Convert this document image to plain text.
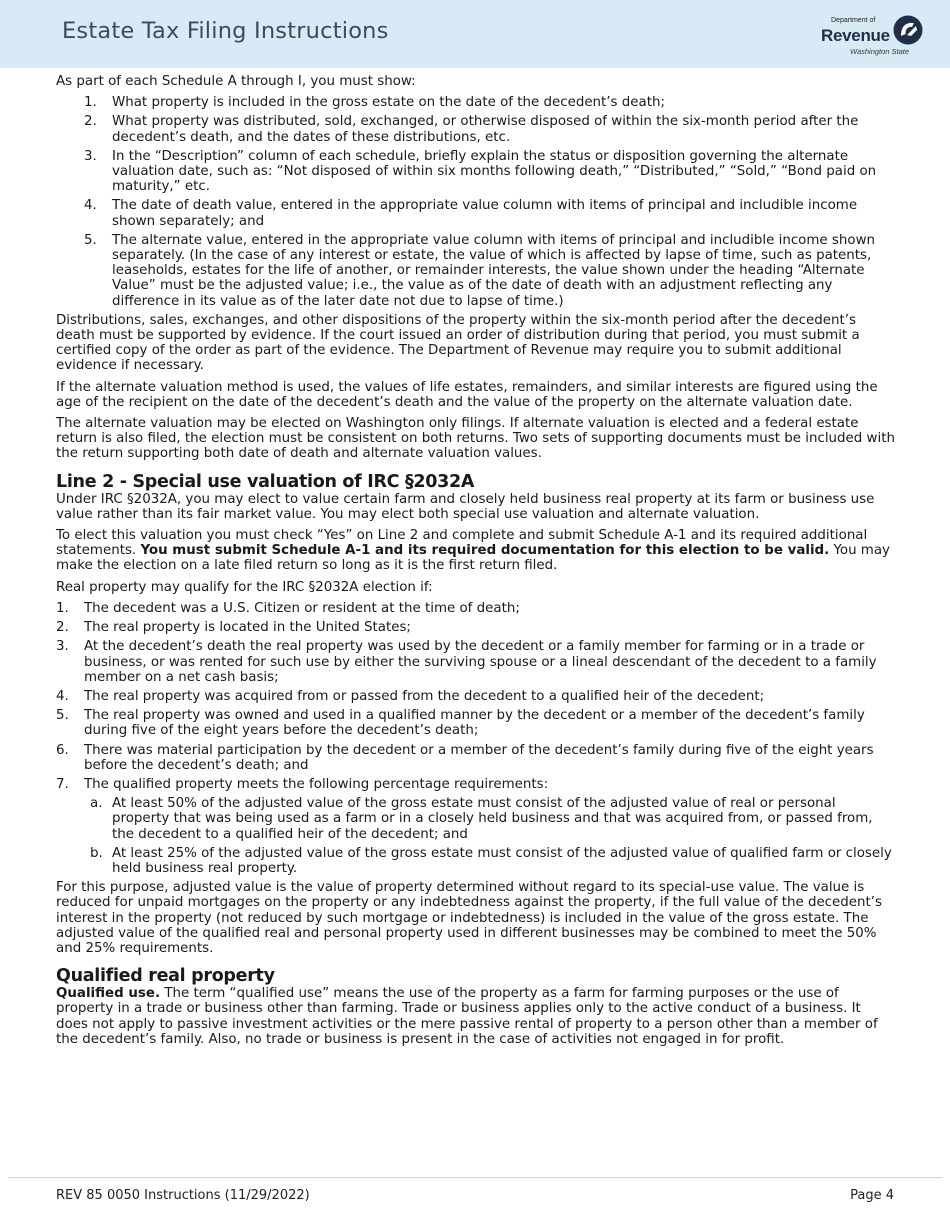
Estate Tax Filing Instructions	Department of
Revenue
Washington State

As part of each Schedule A through I, you must show:

1. What property is included in the gross estate on the date of the decedent’s death;
2. What property was distributed, sold, exchanged, or otherwise disposed of within the six-month period after the decedent’s death, and the dates of these distributions, etc.
3. In the “Description” column of each schedule, briefly explain the status or disposition governing the alternate valuation date, such as: “Not disposed of within six months following death,” “Distributed,” “Sold,” “Bond paid on maturity,” etc.
4. The date of death value, entered in the appropriate value column with items of principal and includible income shown separately; and
5. The alternate value, entered in the appropriate value column with items of principal and includible income shown separately. (In the case of any interest or estate, the value of which is affected by lapse of time, such as patents, leaseholds, estates for the life of another, or remainder interests, the value shown under the heading “Alternate Value” must be the adjusted value; i.e., the value as of the date of death with an adjustment reflecting any difference in its value as of the later date not due to lapse of time.)

Distributions, sales, exchanges, and other dispositions of the property within the six-month period after the decedent’s death must be supported by evidence. If the court issued an order of distribution during that period, you must submit a certified copy of the order as part of the evidence. The Department of Revenue may require you to submit additional evidence if necessary.

If the alternate valuation method is used, the values of life estates, remainders, and similar interests are figured using the age of the recipient on the date of the decedent’s death and the value of the property on the alternate valuation date.

The alternate valuation may be elected on Washington only filings. If alternate valuation is elected and a federal estate return is also filed, the election must be consistent on both returns. Two sets of supporting documents must be included with the return supporting both date of death and alternate valuation values.

Line 2 - Special use valuation of IRC §2032A

Under IRC §2032A, you may elect to value certain farm and closely held business real property at its farm or business use value rather than its fair market value. You may elect both special use valuation and alternate valuation.

To elect this valuation you must check “Yes” on Line 2 and complete and submit Schedule A-1 and its required additional statements. You must submit Schedule A-1 and its required documentation for this election to be valid. You may make the election on a late filed return so long as it is the first return filed.

Real property may qualify for the IRC §2032A election if:

1. The decedent was a U.S. Citizen or resident at the time of death;
2. The real property is located in the United States;
3. At the decedent’s death the real property was used by the decedent or a family member for farming or in a trade or business, or was rented for such use by either the surviving spouse or a lineal descendant of the decedent to a family member on a net cash basis;
4. The real property was acquired from or passed from the decedent to a qualified heir of the decedent;
5. The real property was owned and used in a qualified manner by the decedent or a member of the decedent’s family during five of the eight years before the decedent’s death;
6. There was material participation by the decedent or a member of the decedent’s family during five of the eight years before the decedent’s death; and
7. The qualified property meets the following percentage requirements:
a. At least 50% of the adjusted value of the gross estate must consist of the adjusted value of real or personal property that was being used as a farm or in a closely held business and that was acquired from, or passed from, the decedent to a qualified heir of the decedent; and
b. At least 25% of the adjusted value of the gross estate must consist of the adjusted value of qualified farm or closely held business real property.

For this purpose, adjusted value is the value of property determined without regard to its special-use value. The value is reduced for unpaid mortgages on the property or any indebtedness against the property, if the full value of the decedent’s interest in the property (not reduced by such mortgage or indebtedness) is included in the value of the gross estate. The adjusted value of the qualified real and personal property used in different businesses may be combined to meet the 50% and 25% requirements.

Qualified real property

Qualified use. The term “qualified use” means the use of the property as a farm for farming purposes or the use of property in a trade or business other than farming. Trade or business applies only to the active conduct of a business. It does not apply to passive investment activities or the mere passive rental of property to a person other than a member of the decedent’s family. Also, no trade or business is present in the case of activities not engaged in for profit.

REV 85 0050 Instructions (11/29/2022)	Page 4
